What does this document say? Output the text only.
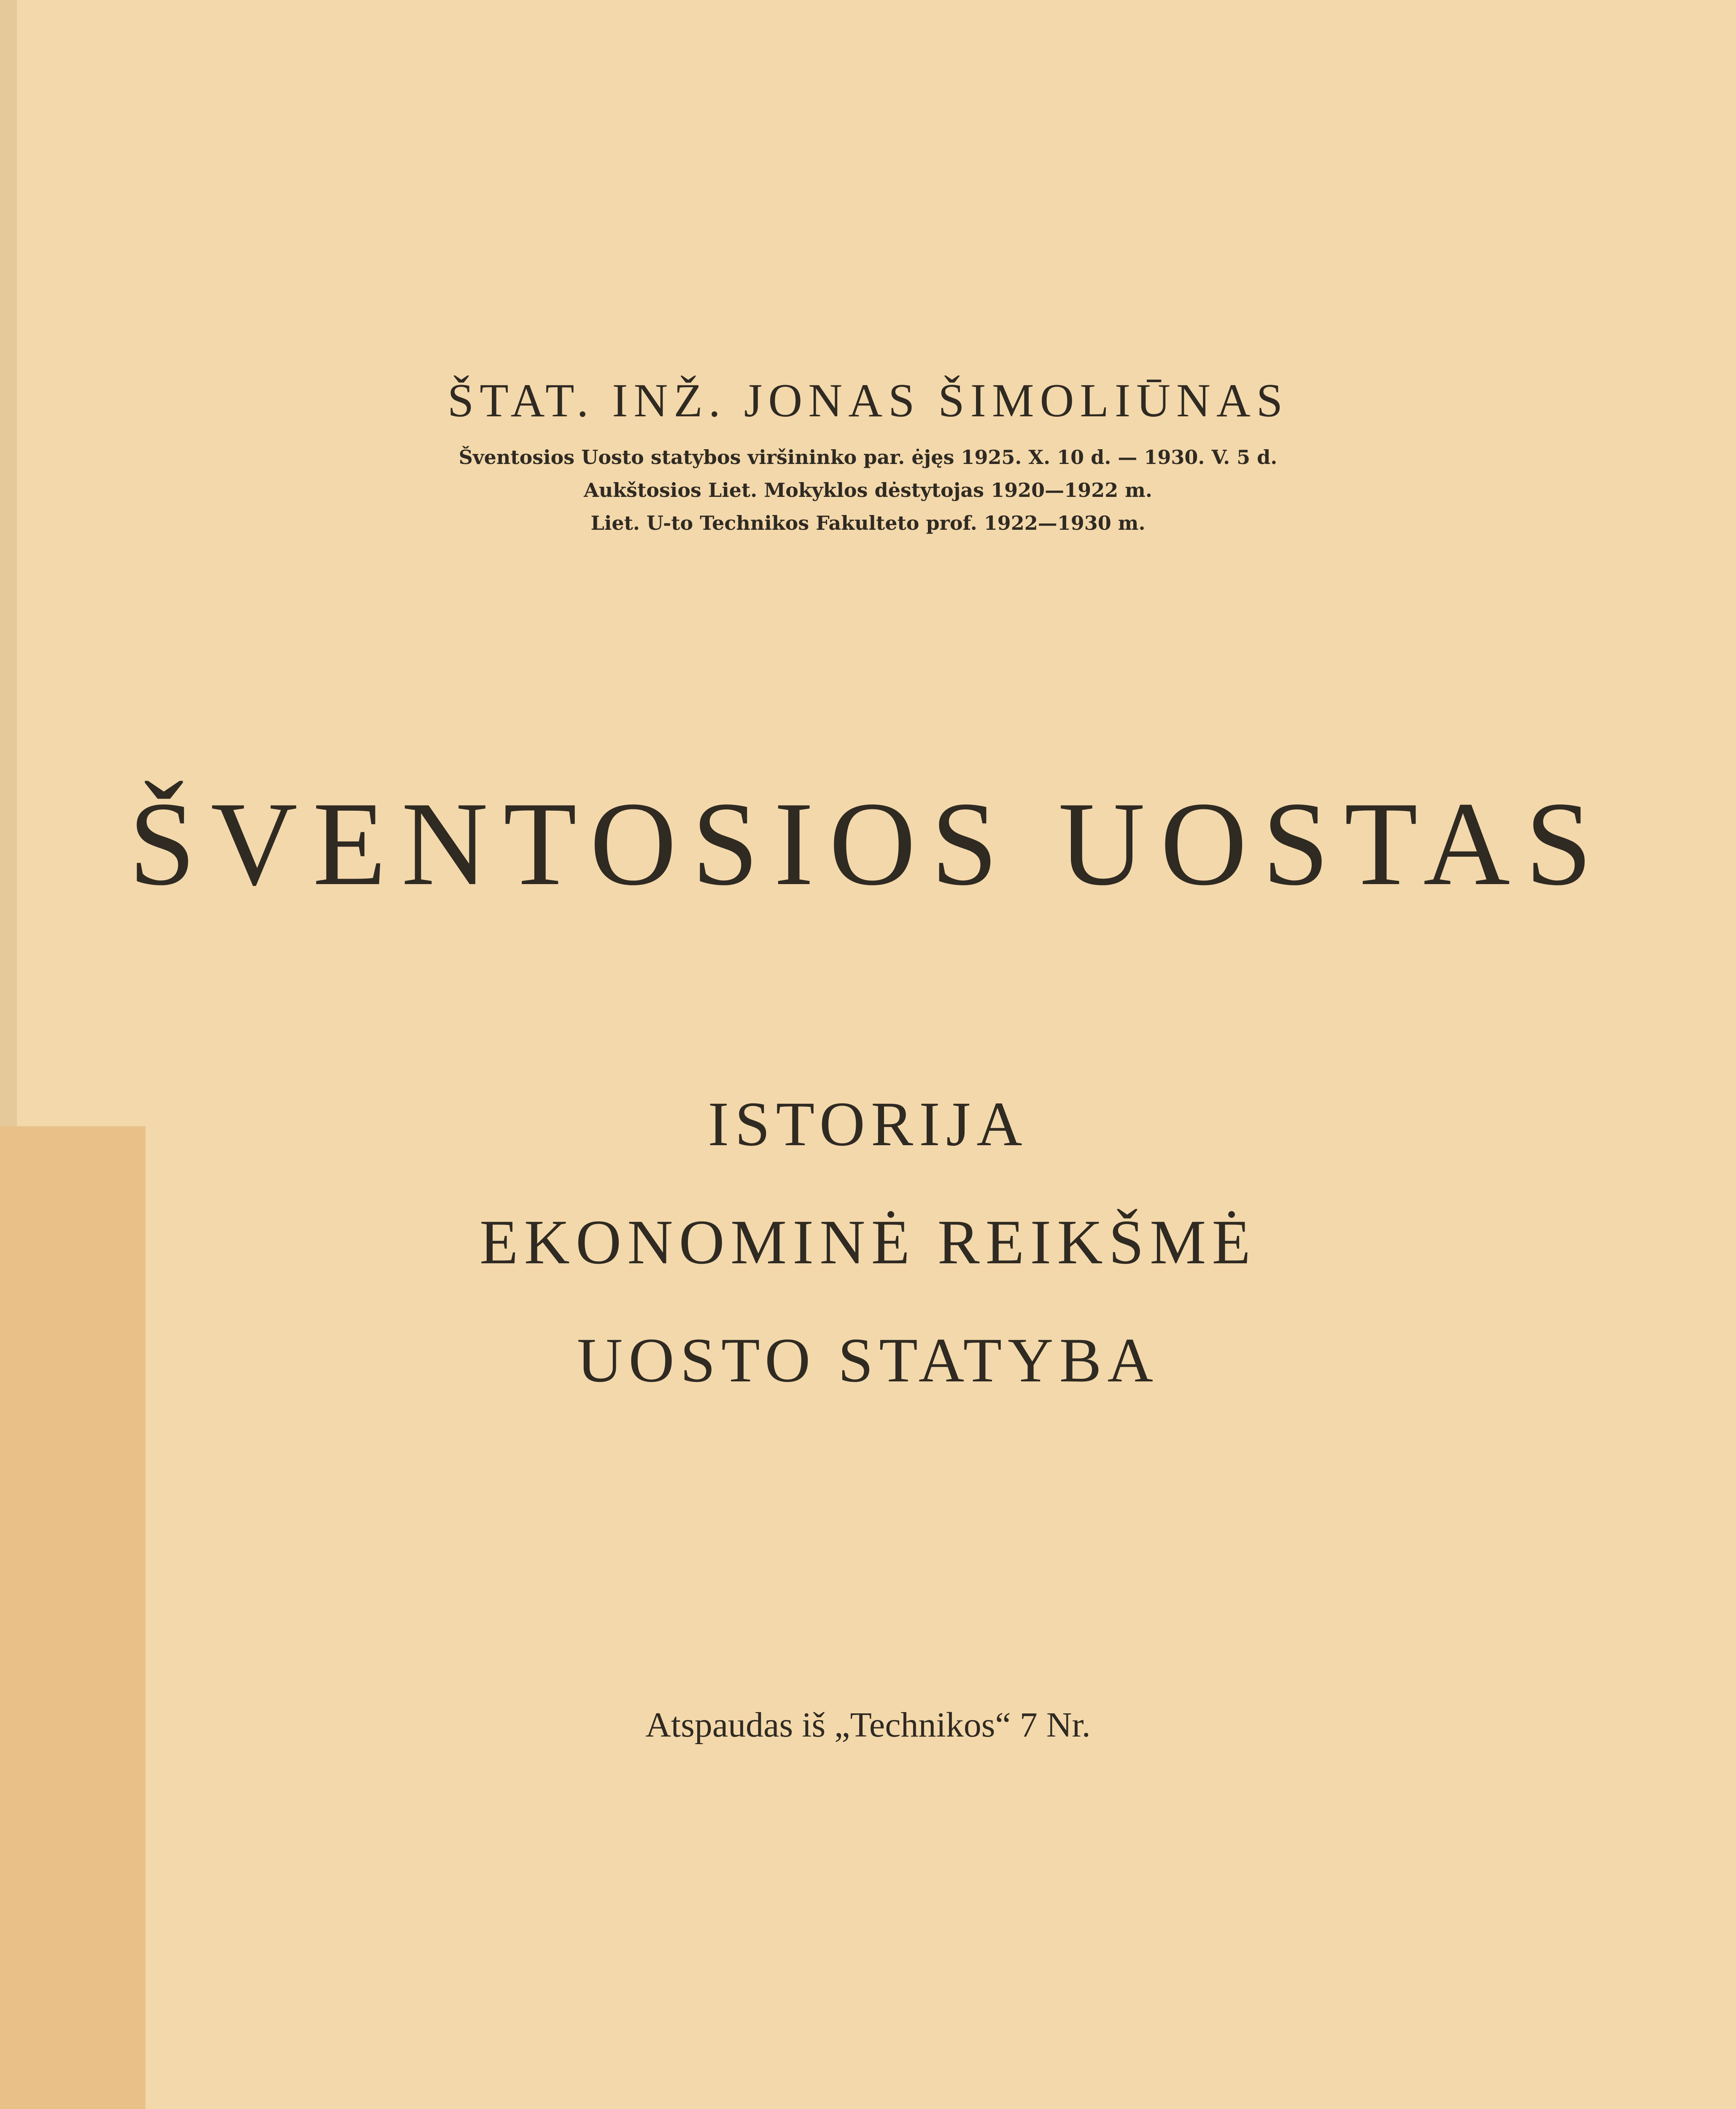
ŠTAT. INŽ. JONAS ŠIMOLIŪNAS
Šventosios Uosto statybos viršininko par. ėjęs 1925. X. 10 d. — 1930. V. 5 d.
Aukštosios Liet. Mokyklos dėstytojas 1920—1922 m.
Liet. U-to Technikos Fakulteto prof. 1922—1930 m.
ŠVENTOSIOS UOSTAS
ISTORIJA
EKONOMINĖ REIKŠMĖ
UOSTO STATYBA
Atspaudas iš „Technikos“ 7 Nr.
